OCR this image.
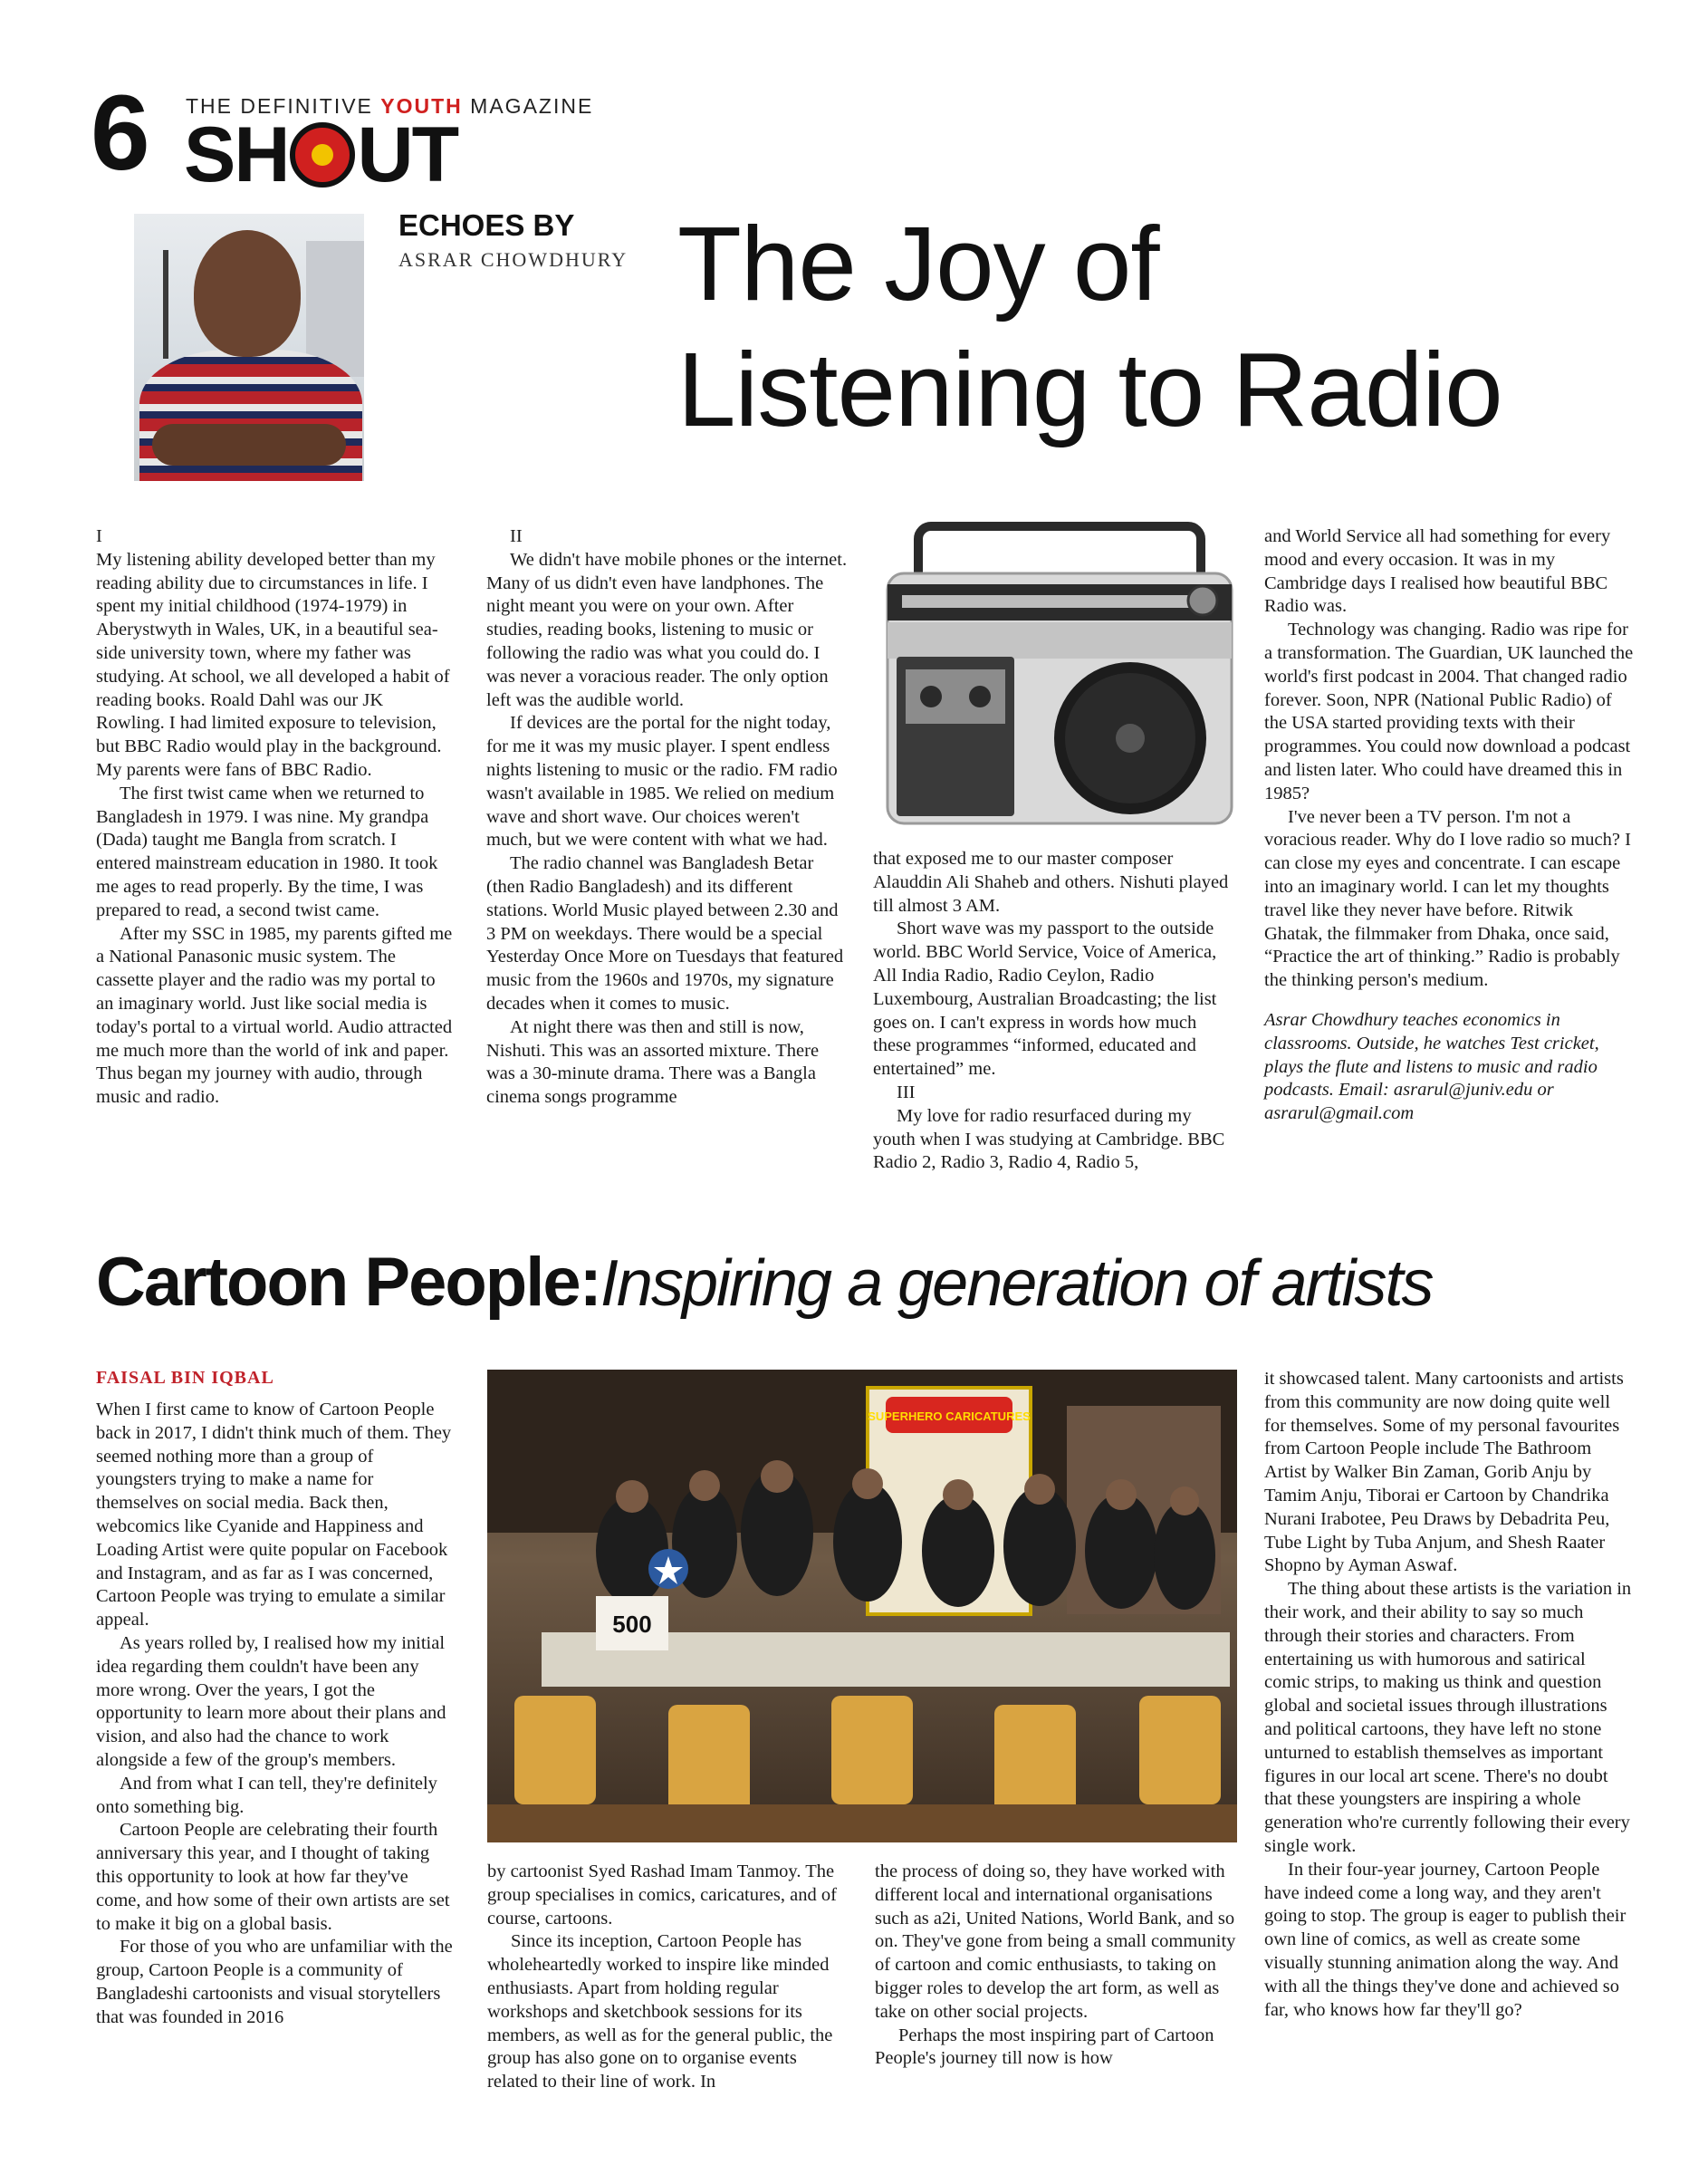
6 THE DEFINITIVE YOUTH MAGAZINE
SH UT
ECHOES BY
ASRAR CHOWDHURY The Joy of
Listening to Radio

I

My listening ability developed better than my reading ability due to circumstances in life. I spent my initial childhood (1974-1979) in Aberystwyth in Wales, UK, in a beautiful sea-side university town, where my father was studying. At school, we all developed a habit of reading books. Roald Dahl was our JK Rowling. I had limited exposure to television, but BBC Radio would play in the background. My parents were fans of BBC Radio.

The first twist came when we returned to Bangladesh in 1979. I was nine. My grandpa (Dada) taught me Bangla from scratch. I entered mainstream education in 1980. It took me ages to read properly. By the time, I was prepared to read, a second twist came.

After my SSC in 1985, my parents gifted me a National Panasonic music system. The cassette player and the radio was my portal to an imaginary world. Just like social media is today's portal to a virtual world. Audio attracted me much more than the world of ink and paper. Thus began my journey with audio, through music and radio.

II

We didn't have mobile phones or the internet. Many of us didn't even have landphones. The night meant you were on your own. After studies, reading books, listening to music or following the radio was what you could do. I was never a voracious reader. The only option left was the audible world.

If devices are the portal for the night today, for me it was my music player. I spent endless nights listening to music or the radio. FM radio wasn't available in 1985. We relied on medium wave and short wave. Our choices weren't much, but we were content with what we had.

The radio channel was Bangladesh Betar (then Radio Bangladesh) and its different stations. World Music played between 2.30 and 3 PM on weekdays. There would be a special Yesterday Once More on Tuesdays that featured music from the 1960s and 1970s, my signature decades when it comes to music.

At night there was then and still is now, Nishuti. This was an assorted mixture. There was a 30-minute drama. There was a Bangla cinema songs programme

that exposed me to our master composer Alauddin Ali Shaheb and others. Nishuti played till almost 3 AM.

Short wave was my passport to the outside world. BBC World Service, Voice of America, All India Radio, Radio Ceylon, Radio Luxembourg, Australian Broadcasting; the list goes on. I can't express in words how much these programmes “informed, educated and entertained” me.

III

My love for radio resurfaced during my youth when I was studying at Cambridge. BBC Radio 2, Radio 3, Radio 4, Radio 5,

and World Service all had something for every mood and every occasion. It was in my Cambridge days I realised how beautiful BBC Radio was.

Technology was changing. Radio was ripe for a transformation. The Guardian, UK launched the world's first podcast in 2004. That changed radio forever. Soon, NPR (National Public Radio) of the USA started providing texts with their programmes. You could now download a podcast and listen later. Who could have dreamed this in 1985?

I've never been a TV person. I'm not a voracious reader. Why do I love radio so much? I can close my eyes and concentrate. I can escape into an imaginary world. I can let my thoughts travel like they never have before. Ritwik Ghatak, the filmmaker from Dhaka, once said, “Practice the art of thinking.” Radio is probably the thinking person's medium.

Asrar Chowdhury teaches economics in classrooms. Outside, he watches Test cricket, plays the flute and listens to music and radio podcasts. Email: asrarul@juniv.edu or asrarul@gmail.com

Cartoon People:Inspiring a generation of artists
FAISAL BIN IQBAL

When I first came to know of Cartoon People back in 2017, I didn't think much of them. They seemed nothing more than a group of youngsters trying to make a name for themselves on social media. Back then, webcomics like Cyanide and Happiness and Loading Artist were quite popular on Facebook and Instagram, and as far as I was concerned, Cartoon People was trying to emulate a similar appeal.

As years rolled by, I realised how my initial idea regarding them couldn't have been any more wrong. Over the years, I got the opportunity to learn more about their plans and vision, and also had the chance to work alongside a few of the group's members.

And from what I can tell, they're definitely onto something big.

Cartoon People are celebrating their fourth anniversary this year, and I thought of taking this opportunity to look at how far they've come, and how some of their own artists are set to make it big on a global basis.

For those of you who are unfamiliar with the group, Cartoon People is a community of Bangladeshi cartoonists and visual storytellers that was founded in 2016

SUPERHERO CARICATURES
500

by cartoonist Syed Rashad Imam Tanmoy. The group specialises in comics, caricatures, and of course, cartoons.

Since its inception, Cartoon People has wholeheartedly worked to inspire like minded enthusiasts. Apart from holding regular workshops and sketchbook sessions for its members, as well as for the general public, the group has also gone on to organise events related to their line of work. In

the process of doing so, they have worked with different local and international organisations such as a2i, United Nations, World Bank, and so on. They've gone from being a small community of cartoon and comic enthusiasts, to taking on bigger roles to develop the art form, as well as take on other social projects.

Perhaps the most inspiring part of Cartoon People's journey till now is how

it showcased talent. Many cartoonists and artists from this community are now doing quite well for themselves. Some of my personal favourites from Cartoon People include The Bathroom Artist by Walker Bin Zaman, Gorib Anju by Tamim Anju, Tiborai er Cartoon by Chandrika Nurani Irabotee, Peu Draws by Debadrita Peu, Tube Light by Tuba Anjum, and Shesh Raater Shopno by Ayman Aswaf.

The thing about these artists is the variation in their work, and their ability to say so much through their stories and characters. From entertaining us with humorous and satirical comic strips, to making us think and question global and societal issues through illustrations and political cartoons, they have left no stone unturned to establish themselves as important figures in our local art scene. There's no doubt that these youngsters are inspiring a whole generation who're currently following their every single work.

In their four-year journey, Cartoon People have indeed come a long way, and they aren't going to stop. The group is eager to publish their own line of comics, as well as create some visually stunning animation along the way. And with all the things they've done and achieved so far, who knows how far they'll go?
